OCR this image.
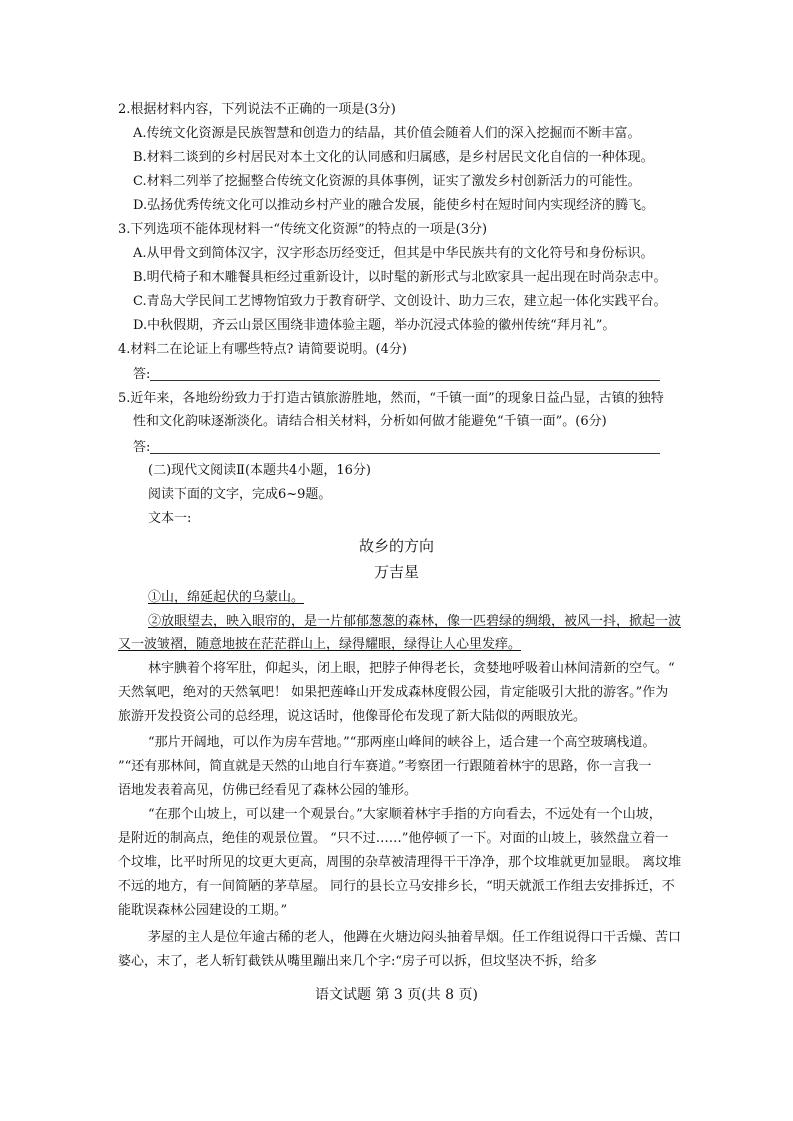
2.根据材料内容，下列说法不正确的一项是(3分)
A.传统文化资源是民族智慧和创造力的结晶，其价值会随着人们的深入挖掘而不断丰富。
B.材料二谈到的乡村居民对本土文化的认同感和归属感，是乡村居民文化自信的一种体现。
C.材料二列举了挖掘整合传统文化资源的具体事例，证实了激发乡村创新活力的可能性。
D.弘扬优秀传统文化可以推动乡村产业的融合发展，能使乡村在短时间内实现经济的腾飞。
3.下列选项不能体现材料一“传统文化资源”的特点的一项是(3分)
A.从甲骨文到简体汉字，汉字形态历经变迁，但其是中华民族共有的文化符号和身份标识。
B.明代椅子和木雕餐具柜经过重新设计，以时髦的新形式与北欧家具一起出现在时尚杂志中。
C.青岛大学民间工艺博物馆致力于教育研学、文创设计、助力三农，建立起一体化实践平台。
D.中秋假期，齐云山景区围绕非遗体验主题，举办沉浸式体验的徽州传统“拜月礼”。
4.材料二在论证上有哪些特点? 请简要说明。(4分)
答:
5.近年来，各地纷纷致力于打造古镇旅游胜地，然而，“千镇一面”的现象日益凸显，古镇的独特
性和文化韵味逐渐淡化。请结合相关材料，分析如何做才能避免“千镇一面”。(6分)
答:
(二)现代文阅读Ⅱ(本题共4小题，16分)
阅读下面的文字，完成6~9题。
文本一:
故乡的方向
万吉星
①山，绵延起伏的乌蒙山。
②放眼望去，映入眼帘的，是一片郁郁葱葱的森林，像一匹碧绿的绸缎，被风一抖，掀起一波
又一波皱褶，随意地披在茫茫群山上，绿得耀眼，绿得让人心里发痒。
林宇腆着个将军肚，仰起头，闭上眼，把脖子伸得老长，贪婪地呼吸着山林间清新的空气。“
天然氧吧，绝对的天然氧吧！ 如果把莲峰山开发成森林度假公园，肯定能吸引大批的游客。”作为
旅游开发投资公司的总经理，说这话时，他像哥伦布发现了新大陆似的两眼放光。
“那片开阔地，可以作为房车营地。”“那两座山峰间的峡谷上，适合建一个高空玻璃栈道。
”“还有那林间，简直就是天然的山地自行车赛道。”考察团一行跟随着林宇的思路，你一言我一
语地发表着高见，仿佛已经看见了森林公园的雏形。
“在那个山坡上，可以建一个观景台。”大家顺着林宇手指的方向看去，不远处有一个山坡，
是附近的制高点，绝佳的观景位置。 “只不过……”他停顿了一下。对面的山坡上，骇然盘立着一
个坟堆，比平时所见的坟更大更高，周围的杂草被清理得干干净净，那个坟堆就更加显眼。 离坟堆
不远的地方，有一间简陋的茅草屋。 同行的县长立马安排乡长，“明天就派工作组去安排拆迁，不
能耽误森林公园建设的工期。”
茅屋的主人是位年逾古稀的老人，他蹲在火塘边闷头抽着旱烟。任工作组说得口干舌燥、苦口
婆心，末了，老人斩钉截铁从嘴里蹦出来几个字:“房子可以拆，但坟坚决不拆，给多
语文试题 第 3 页(共 8 页)
